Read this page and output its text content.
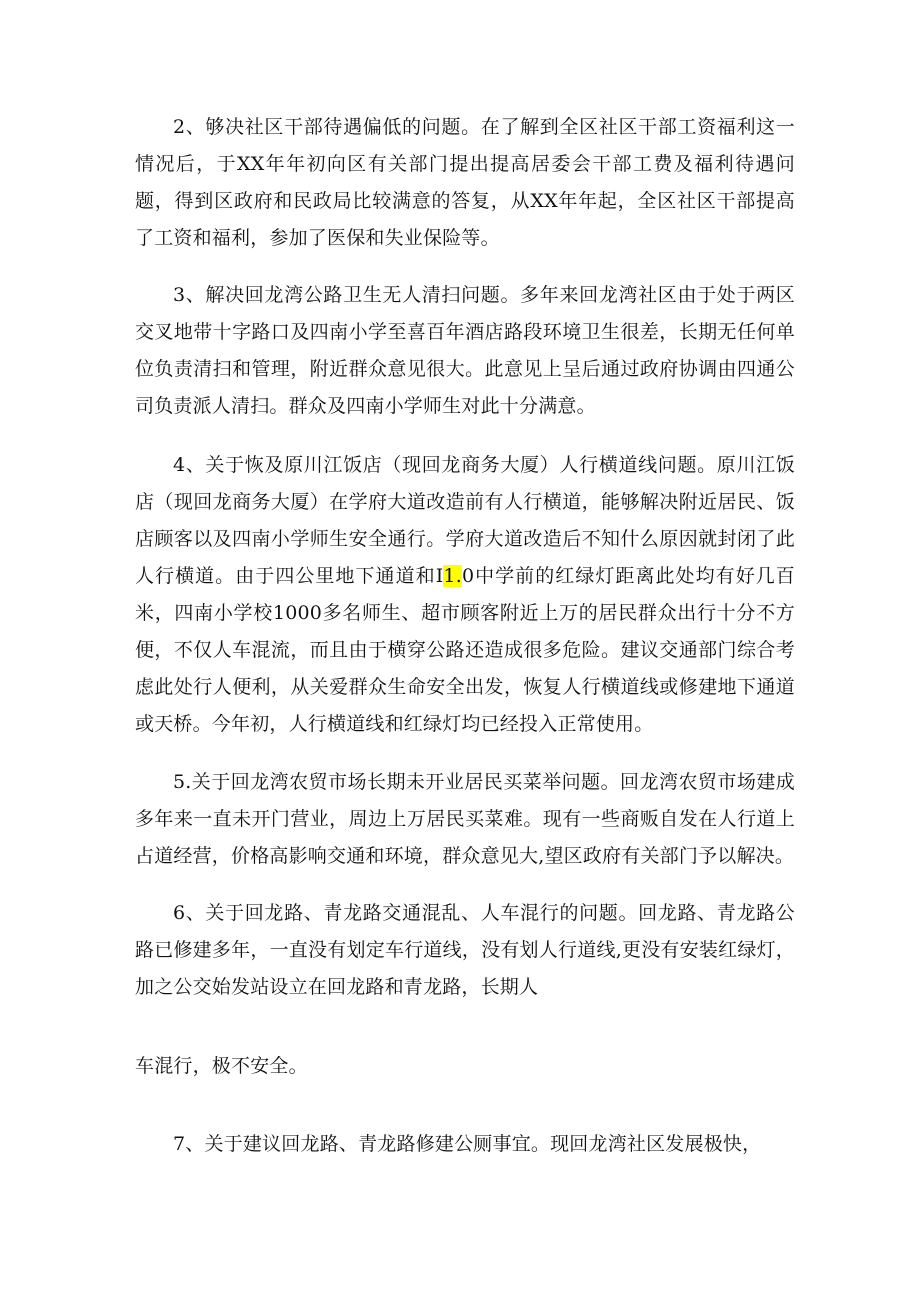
2、够决社区干部待遇偏低的问题。在了解到全区社区干部工资福利这一情况后，于XX年年初向区有关部门提出提高居委会干部工费及福利待遇问题，得到区政府和民政局比较满意的答复，从XX年年起，全区社区干部提高了工资和福利，参加了医保和失业保险等。

3、解决回龙湾公路卫生无人清扫问题。多年来回龙湾社区由于处于两区交叉地带十字路口及四南小学至喜百年酒店路段环境卫生很差，长期无任何单位负责清扫和管理，附近群众意见很大。此意见上呈后通过政府协调由四通公司负责派人清扫。群众及四南小学师生对此十分满意。

4、关于恢及原川江饭店（现回龙商务大厦）人行横道线问题。原川江饭店（现回龙商务大厦）在学府大道改造前有人行横道，能够解决附近居民、饭店顾客以及四南小学师生安全通行。学府大道改造后不知什么原因就封闭了此人行横道。由于四公里地下通道和I1.0中学前的红绿灯距离此处均有好几百米，四南小学校1000多名师生、超市顾客附近上万的居民群众出行十分不方便，不仅人车混流，而且由于横穿公路还造成很多危险。建议交通部门综合考虑此处行人便利，从关爱群众生命安全出发，恢复人行横道线或修建地下通道或天桥。今年初，人行横道线和红绿灯均已经投入正常使用。

5.关于回龙湾农贸市场长期未开业居民买菜举问题。回龙湾农贸市场建成多年来一直未开门营业，周边上万居民买菜难。现有一些商贩自发在人行道上占道经营，价格高影响交通和环境，群众意见大,望区政府有关部门予以解决。

6、关于回龙路、青龙路交通混乱、人车混行的问题。回龙路、青龙路公路已修建多年，一直没有划定车行道线，没有划人行道线,更没有安装红绿灯，加之公交始发站设立在回龙路和青龙路，长期人

车混行，极不安全。

7、关于建议回龙路、青龙路修建公厕事宜。现回龙湾社区发展极快，
